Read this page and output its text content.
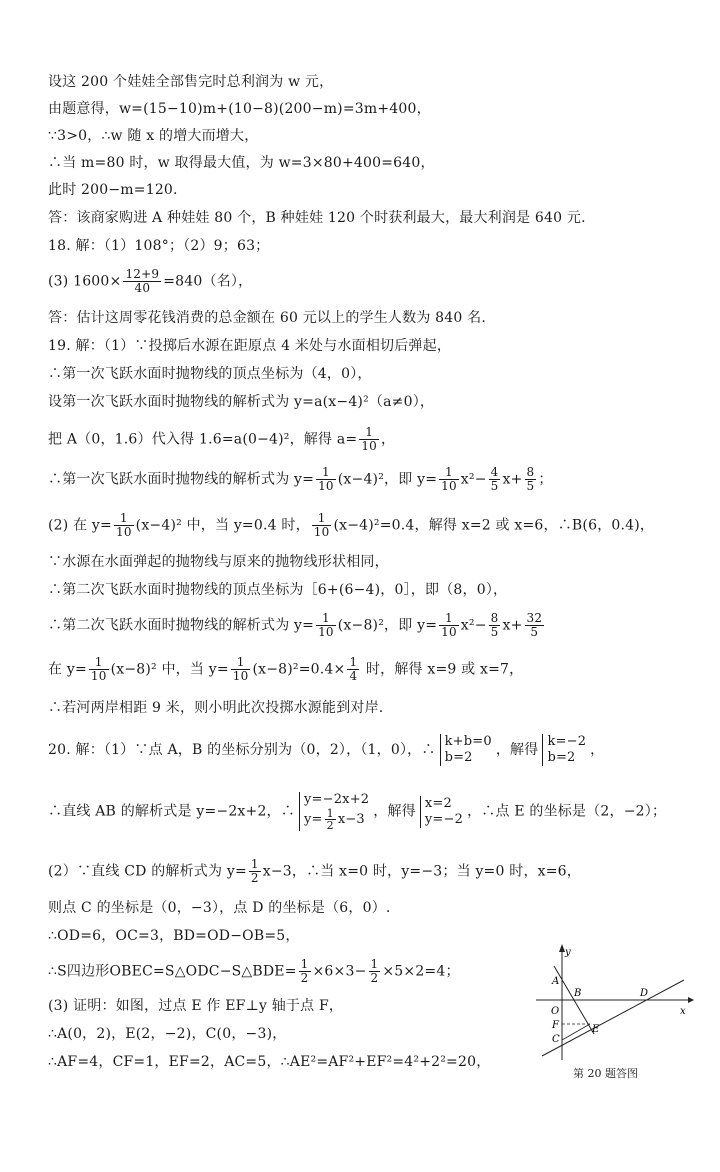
设这 200 个娃娃全部售完时总利润为 w 元，
由题意得，w=(15−10)m+(10−8)(200−m)=3m+400，
∵3>0，∴w 随 x 的增大而增大，
∴当 m=80 时，w 取得最大值，为 w=3×80+400=640，
此时 200−m=120.
答：该商家购进 A 种娃娃 80 个，B 种娃娃 120 个时获利最大，最大利润是 640 元.
18. 解：（1）108°；（2）9；63；
(3) $1600\times \frac{12+9}{40} =840$（名），
答：估计这周零花钱消费的总金额在 60 元以上的学生人数为 840 名.
19. 解：（1）∵投掷后水源在距原点 4 米处与水面相切后弹起，
∴第一次飞跃水面时抛物线的顶点坐标为（4，0），
设第一次飞跃水面时抛物线的解析式为 y=a(x−4)²（a≠0），
把 A（0，1.6）代入得 1.6=a(0−4)²，解得 $a= \frac{1}{10}$ ，
∴第一次飞跃水面时抛物线的解析式为 $y= \frac{1}{10} (x-4)^2$，即 $y= \frac{1}{10} x^2- \frac{4}{5} x+ \frac{8}{5}$ ；
(2) 在 $y= \frac{1}{10} (x-4)^2$ 中，当 y=0.4 时， $\frac{1}{10} (x-4)^2=0.4$，解得 x=2 或 x=6，∴B(6，0.4)，
∵水源在水面弹起的抛物线与原来的抛物线形状相同，
∴第二次飞跃水面时抛物线的顶点坐标为［6+(6−4)，0］，即（8，0），
∴第二次飞跃水面时抛物线的解析式为 $y= \frac{1}{10} (x-8)^2$，即 $y= \frac{1}{10} x^2- \frac{8}{5} x+ \frac{32}{5}$
在 $y= \frac{1}{10} (x-8)^2$ 中，当 $y= \frac{1}{10} (x-8)^2=0.4\times \frac{1}{4}$ 时，解得 x=9 或 x=7，
∴若河两岸相距 9 米，则小明此次投掷水源能到对岸.
20. 解：（1）∵点 A，B 的坐标分别为（0，2），（1，0），∴
k+b=0
b=2	，解得
k=−2
b=2	，
∴直线 AB 的解析式是 y=−2x+2，∴
y=−2x+2
$y= \frac{1}{2} x-3$ ，解得
x=2
y=−2 ，∴点 E 的坐标是（2，−2）；
(2）∵直线 CD 的解析式为 $y= \frac{1}{2} x-3$，∴当 x=0 时，y=−3；当 y=0 时，x=6，
则点 C 的坐标是（0，−3），点 D 的坐标是（6，0）.
∴OD=6，OC=3，BD=OD−OB=5，
∴S四边形OBEC=S△ODC−S△BDE= $\frac{1}{2} \times 6\times 3- \frac{1}{2} \times 5\times 2=4$；
(3) 证明：如图，过点 E 作 EF⊥y 轴于点 F，
∴A(0，2)，E(2，−2)，C(0，−3)，
∴AF=4，CF=1，EF=2，AC=5，∴AE²=AF²+EF²=4²+2²=20，
y
x
A
B	D
O
F	E
C
第 20 题答图
